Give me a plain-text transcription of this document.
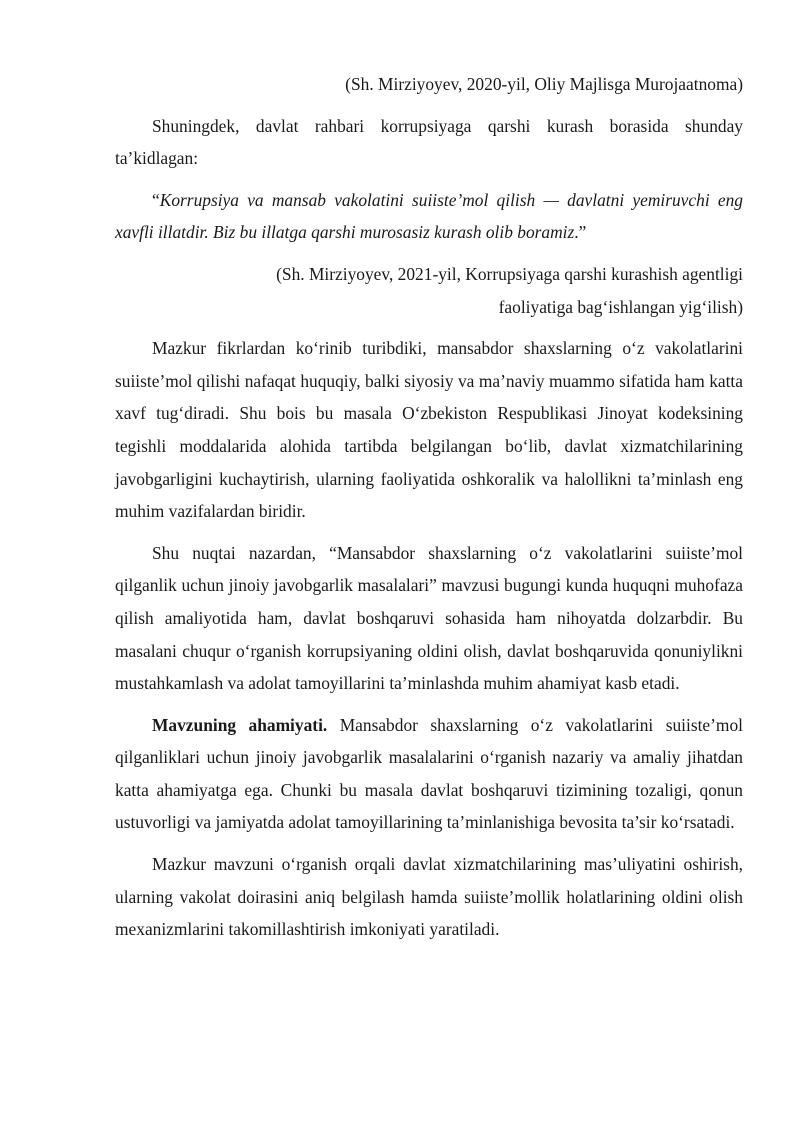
(Sh. Mirziyoyev, 2020-yil, Oliy Majlisga Murojaatnoma)

Shuningdek, davlat rahbari korrupsiyaga qarshi kurash borasida shunday ta’kidlagan:

“Korrupsiya va mansab vakolatini suiiste’mol qilish — davlatni yemiruvchi eng xavfli illatdir. Biz bu illatga qarshi murosasiz kurash olib boramiz.”

(Sh. Mirziyoyev, 2021-yil, Korrupsiyaga qarshi kurashish agentligi

faoliyatiga bag‘ishlangan yig‘ilish)

Mazkur fikrlardan ko‘rinib turibdiki, mansabdor shaxslarning o‘z vakolatlarini suiiste’mol qilishi nafaqat huquqiy, balki siyosiy va ma’naviy muammo sifatida ham katta xavf tug‘diradi. Shu bois bu masala O‘zbekiston Respublikasi Jinoyat kodeksining tegishli moddalarida alohida tartibda belgilangan bo‘lib, davlat xizmatchilarining javobgarligini kuchaytirish, ularning faoliyatida oshkoralik va halollikni ta’minlash eng muhim vazifalardan biridir.

Shu nuqtai nazardan, “Mansabdor shaxslarning o‘z vakolatlarini suiiste’mol qilganlik uchun jinoiy javobgarlik masalalari” mavzusi bugungi kunda huquqni muhofaza qilish amaliyotida ham, davlat boshqaruvi sohasida ham nihoyatda dolzarbdir. Bu masalani chuqur o‘rganish korrupsiyaning oldini olish, davlat boshqaruvida qonuniylikni mustahkamlash va adolat tamoyillarini ta’minlashda muhim ahamiyat kasb etadi.

Mavzuning ahamiyati. Mansabdor shaxslarning o‘z vakolatlarini suiiste’mol qilganliklari uchun jinoiy javobgarlik masalalarini o‘rganish nazariy va amaliy jihatdan katta ahamiyatga ega. Chunki bu masala davlat boshqaruvi tizimining tozaligi, qonun ustuvorligi va jamiyatda adolat tamoyillarining ta’minlanishiga bevosita ta’sir ko‘rsatadi.

Mazkur mavzuni o‘rganish orqali davlat xizmatchilarining mas’uliyatini oshirish, ularning vakolat doirasini aniq belgilash hamda suiiste’mollik holatlarining oldini olish mexanizmlarini takomillashtirish imkoniyati yaratiladi.
